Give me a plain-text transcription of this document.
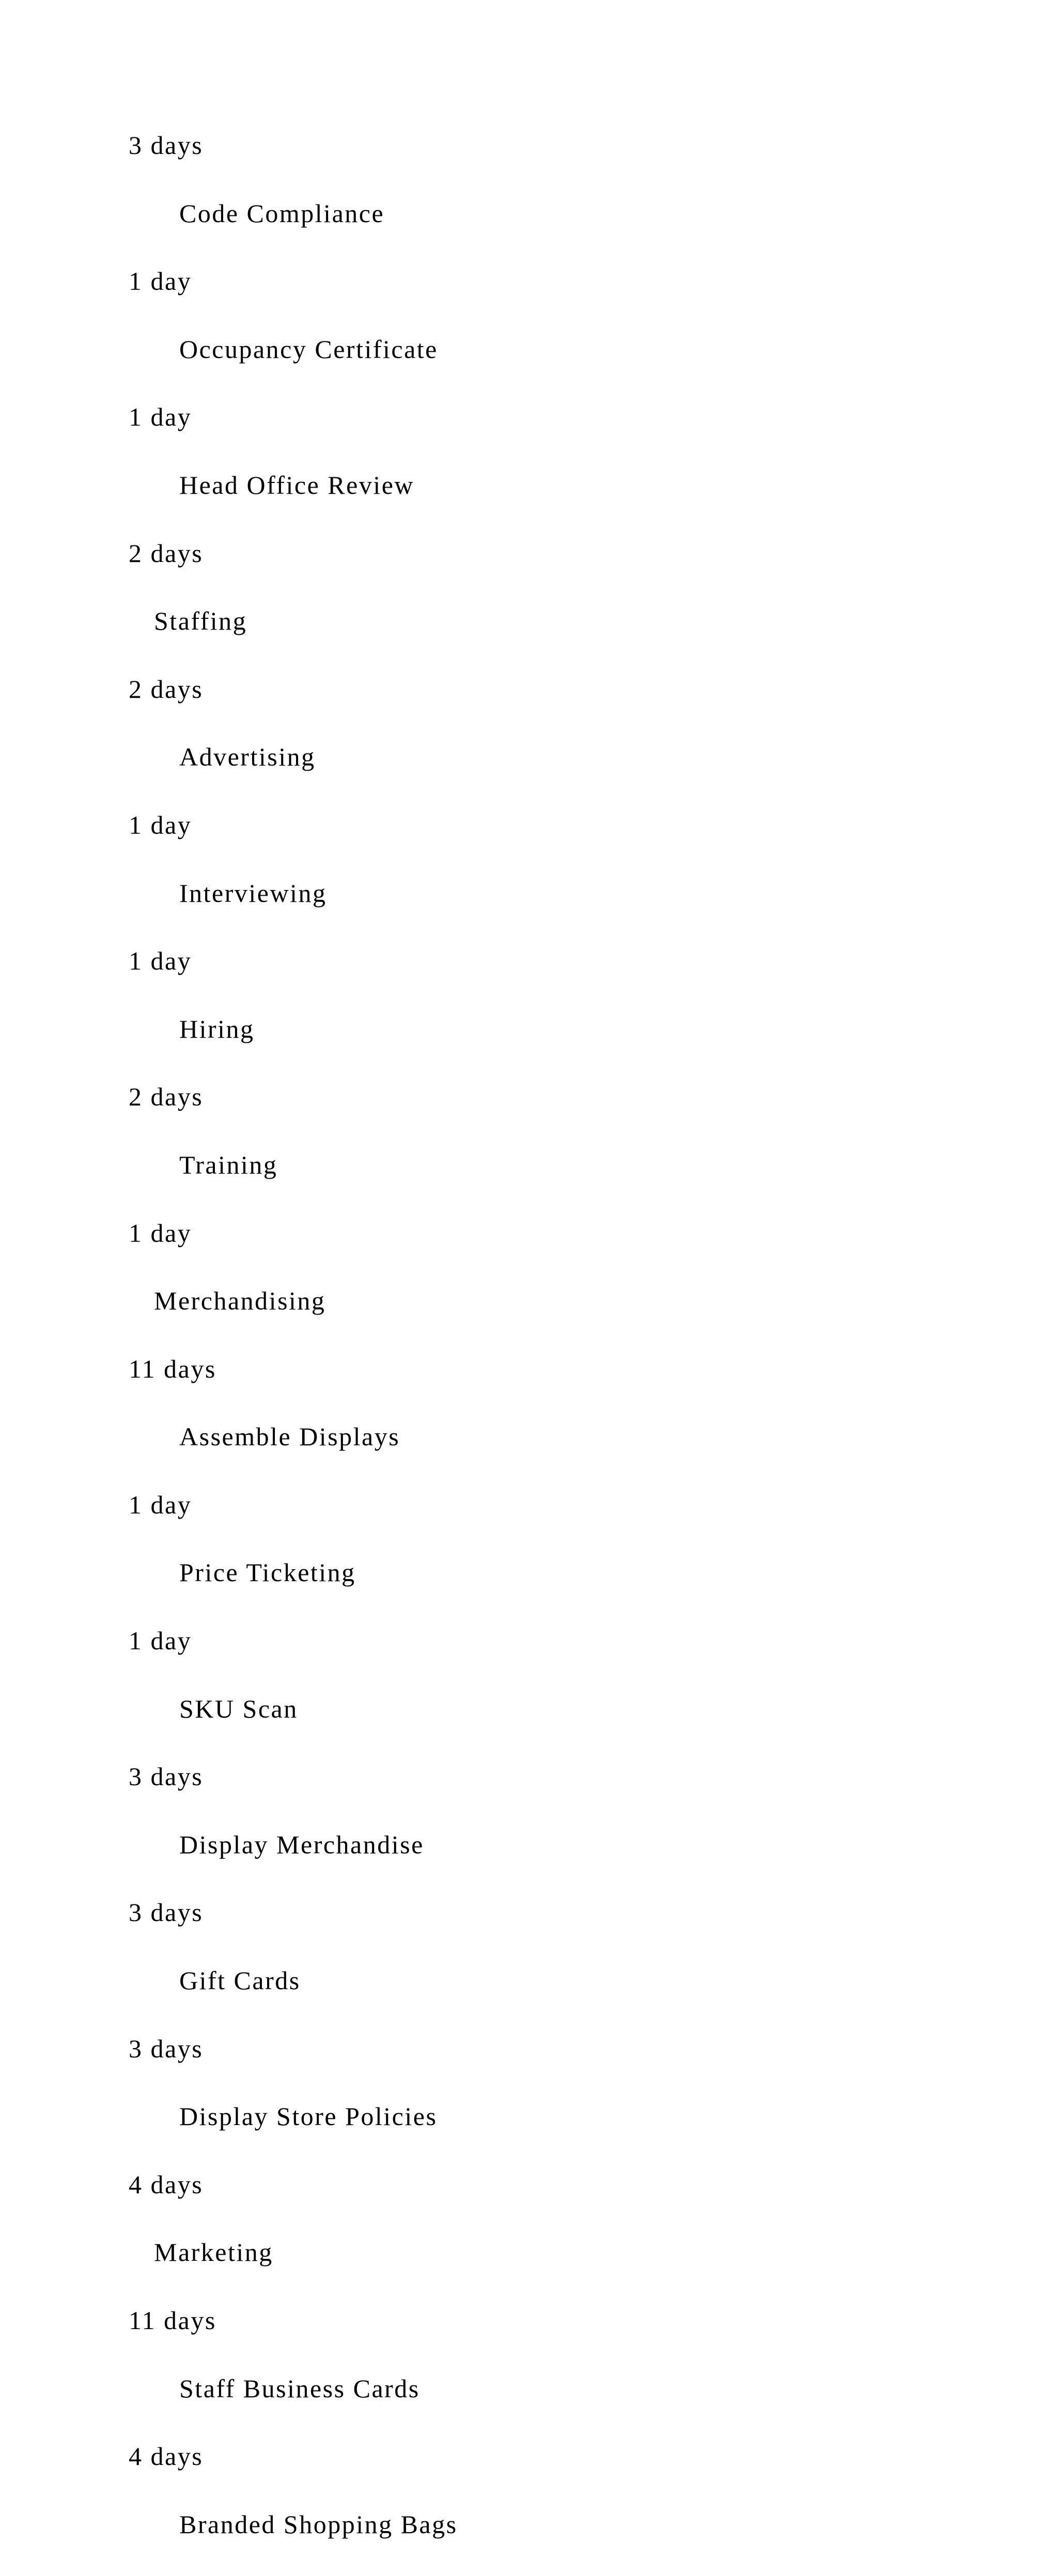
3 days
Code Compliance
1 day
Occupancy Certificate
1 day
Head Office Review
2 days
Staffing
2 days
Advertising
1 day
Interviewing
1 day
Hiring
2 days
Training
1 day
Merchandising
11 days
Assemble Displays
1 day
Price Ticketing
1 day
SKU Scan
3 days
Display Merchandise
3 days
Gift Cards
3 days
Display Store Policies
4 days
Marketing
11 days
Staff Business Cards
4 days
Branded Shopping Bags
